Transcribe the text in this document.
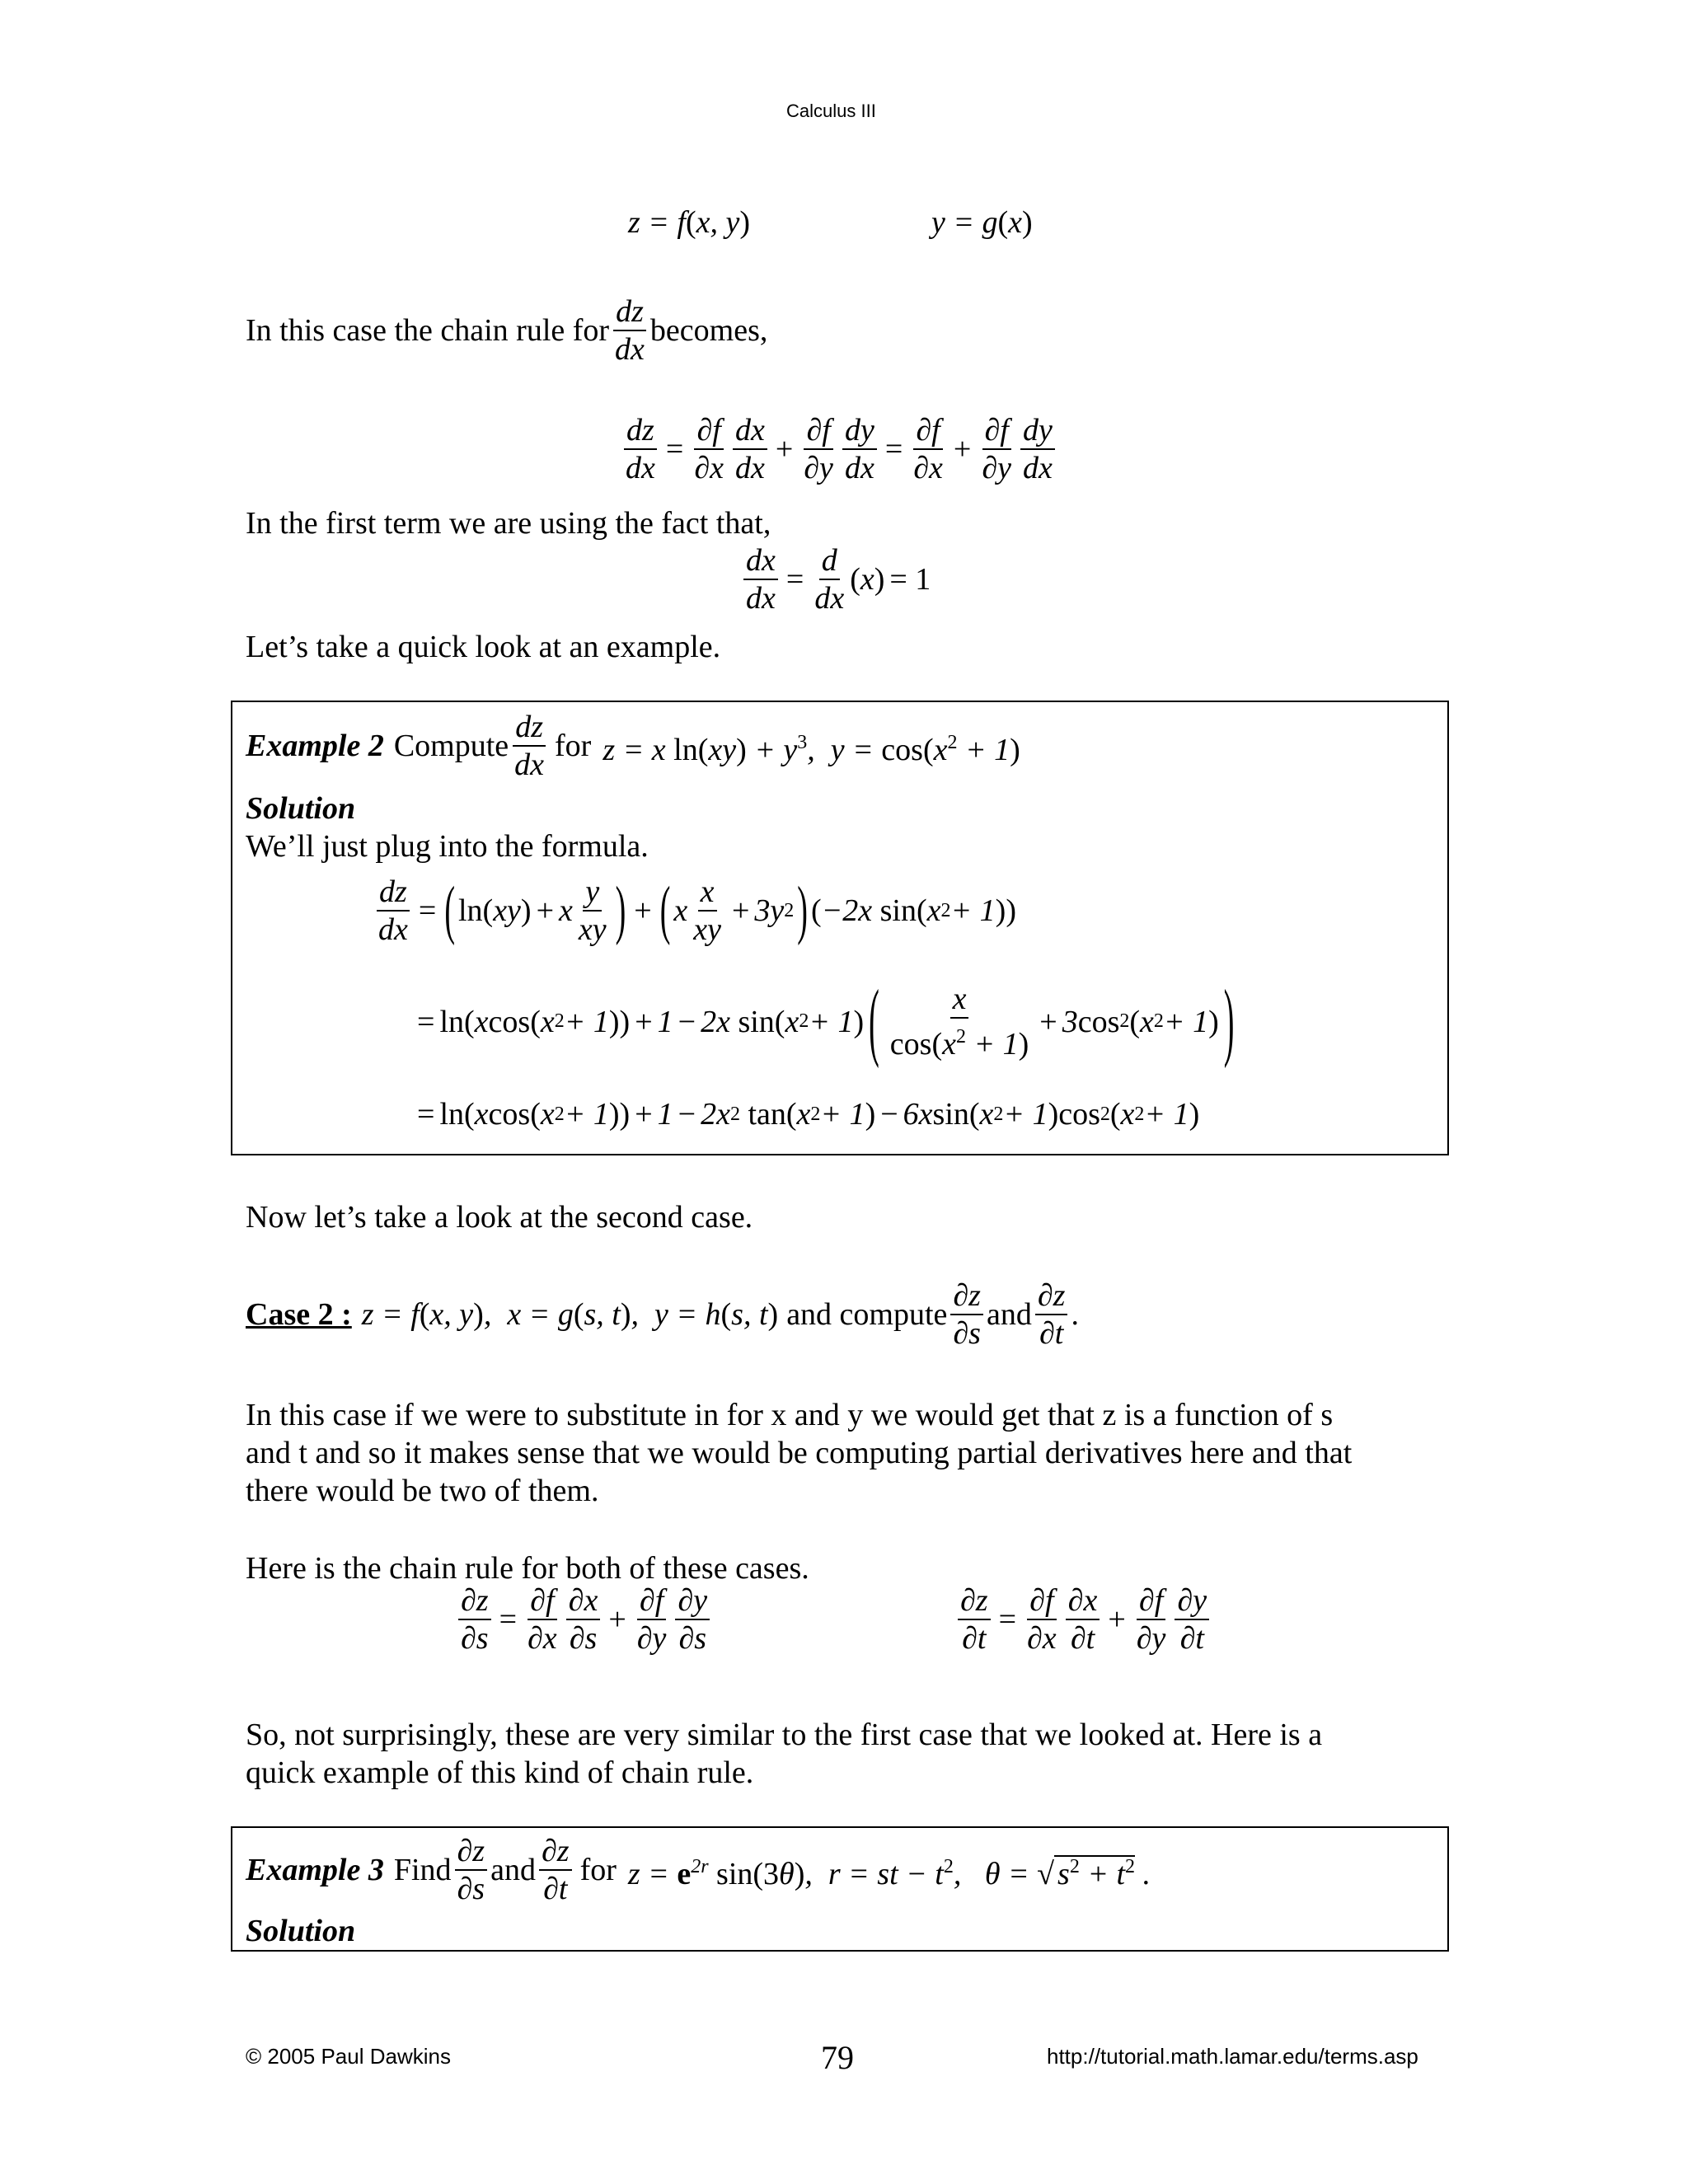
Calculus III
z = f(x, y)	y = g(x)
In this case the chain rule for $\frac{dz}{dx}$ becomes,
$\frac{dz}{dx} = \frac{\partial f}{\partial x} \frac{dx}{dx} + \frac{\partial f}{\partial y} \frac{dy}{dx} = \frac{\partial f}{\partial x} + \frac{\partial f}{\partial y} \frac{dy}{dx}$
In the first term we are using the fact that,
$\frac{dx}{dx} = \frac{d}{dx}$ ( x ) = 1
Let’s take a quick look at an example.
Example 2 Compute $\frac{dz}{dx}$ for z = x $\ln(xy) + y^3$,  $y = \cos(x^2 + 1)$
Solution
We’ll just plug into the formula.
$\frac{dz}{dx}$ = ( ln ( xy ) + x $\frac{y}{xy}$ ) + ( x $\frac{x}{xy} + 3y$ 2 ) ( −2x sin ( x 2 + 1 ))
= ln ( x cos ( x 2 + 1 )) + 1 − 2x sin ( x 2 + 1 ) ( $\frac{x}{\cos(x^2 + 1)} + 3$ cos 2 ( x 2 + 1 ) )
= ln ( x cos ( x 2 + 1 )) + 1 − 2x 2 tan ( x 2 + 1 ) − 6x sin ( x 2 + 1 ) cos 2 ( x 2 + 1 )
Now let’s take a look at the second case.
Case 2 : z = f(x, y),  x = g(s, t),  y = h(s, t) and compute $\frac{\partial z}{\partial s}$ and $\frac{\partial z}{\partial t}$ .
In this case if we were to substitute in for x and y we would get that z is a function of s
and t and so it makes sense that we would be computing partial derivatives here and that
there would be two of them.
Here is the chain rule for both of these cases.
$\frac{\partial z}{\partial s} = \frac{\partial f}{\partial x} \frac{\partial x}{\partial s} + \frac{\partial f}{\partial y} \frac{\partial y}{\partial s}$	$\frac{\partial z}{\partial t} = \frac{\partial f}{\partial x} \frac{\partial x}{\partial t} + \frac{\partial f}{\partial y} \frac{\partial y}{\partial t}$
So, not surprisingly, these are very similar to the first case that we looked at. Here is a
quick example of this kind of chain rule.
Example 3 Find $\frac{\partial z}{\partial s}$ and $\frac{\partial z}{\partial t}$ for $z = e^{2r}$ sin(3θ),  r = st − $t^2$,   θ = √ $s^2 + t^2$ .
Solution
© 2005 Paul Dawkins	79	http://tutorial.math.lamar.edu/terms.asp
